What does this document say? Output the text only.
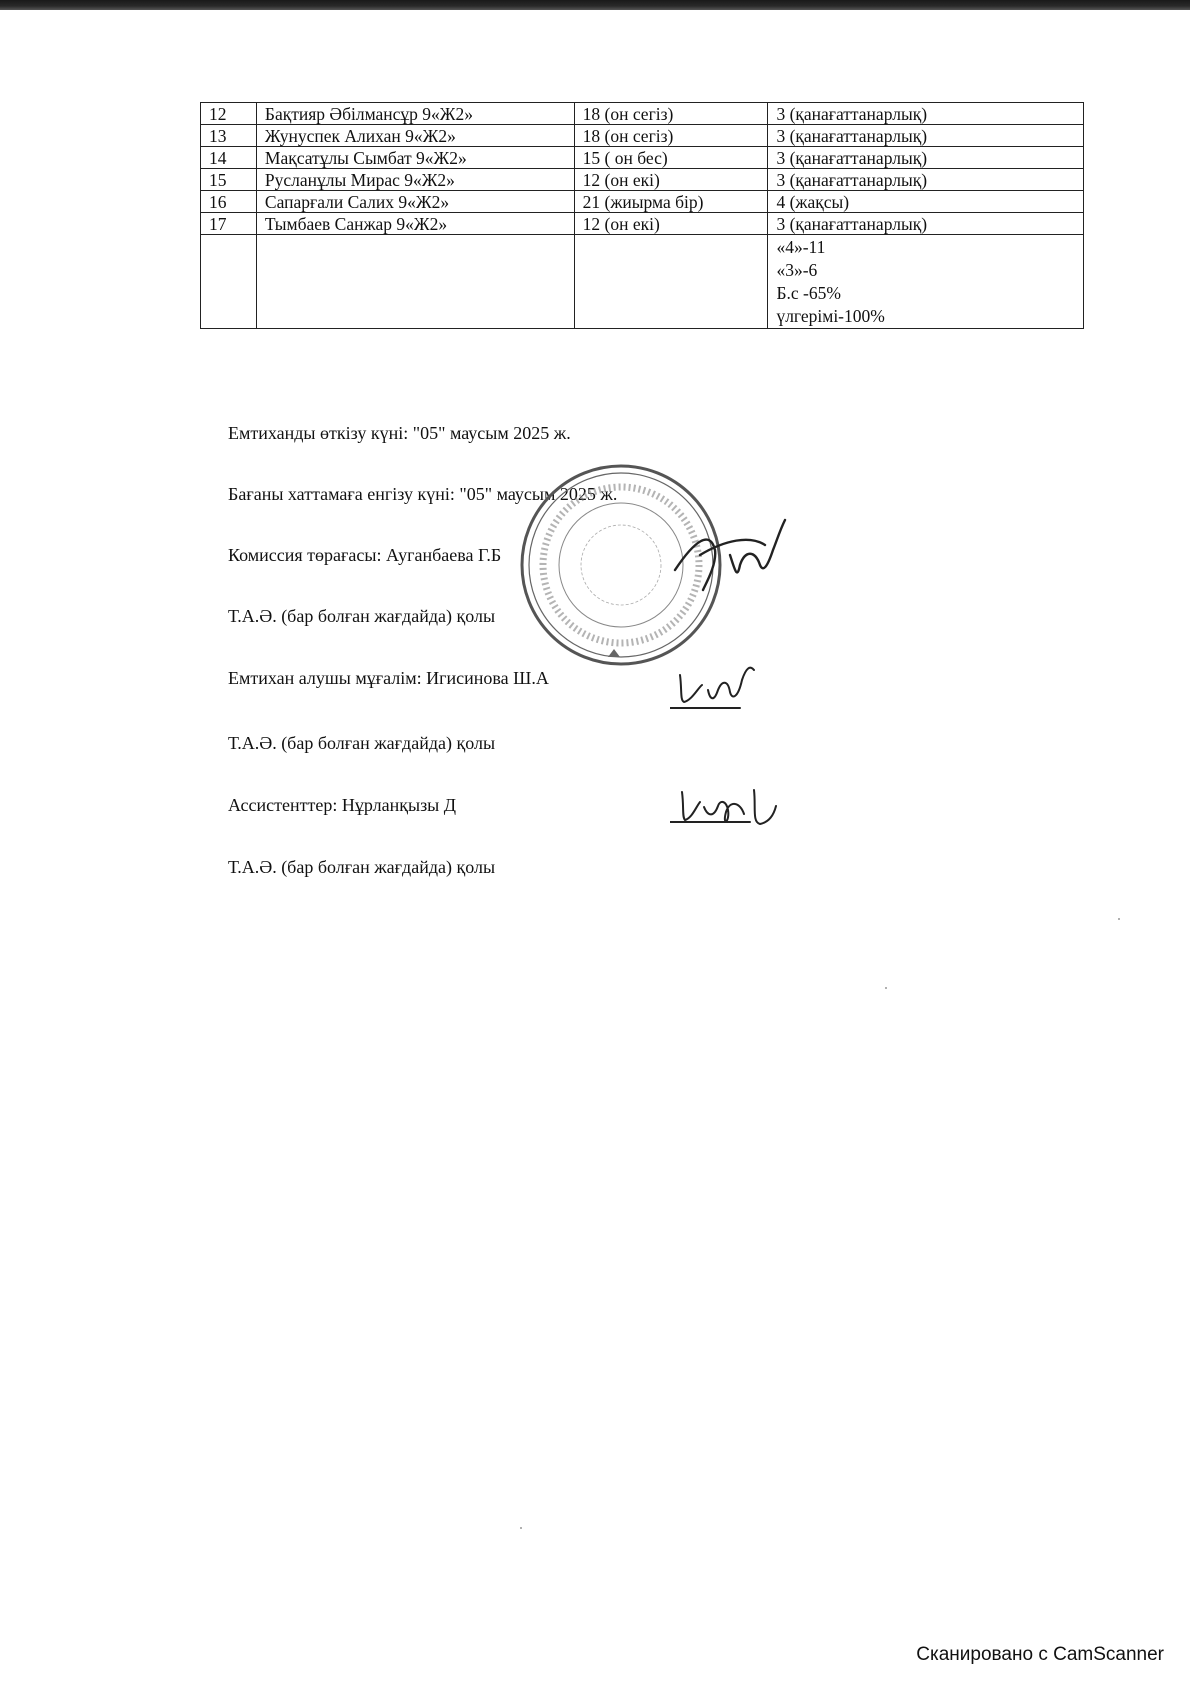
12	Бақтияр Әбілмансұр 9«Ж2»	18 (он сегіз)	3 (қанағаттанарлық)
13	Жунуспек Алихан 9«Ж2»	18 (он сегіз)	3 (қанағаттанарлық)
14	Мақсатұлы Сымбат 9«Ж2»	15 ( он бес)	3 (қанағаттанарлық)
15	Русланұлы Мирас 9«Ж2»	12 (он екі)	3 (қанағаттанарлық)
16	Сапарғали Салих 9«Ж2»	21 (жиырма бір)	4 (жақсы)
17	Тымбаев Санжар 9«Ж2»	12 (он екі)	3 (қанағаттанарлық)

			«4»-11
«3»-6
Б.с -65%
үлгерімі-100%
Емтиханды өткізу күні: "05" маусым 2025 ж.
Бағаны хаттамаға енгізу күні: "05" маусым 2025 ж.
Комиссия төрағасы: Ауганбаева Г.Б
Т.А.Ә. (бар болған жағдайда) қолы
Емтихан алушы мұғалім: Игисинова Ш.А
Т.А.Ә. (бар болған жағдайда) қолы
Ассистенттер: Нұрланқызы Д
Т.А.Ә. (бар болған жағдайда) қолы
Сканировано с CamScanner
